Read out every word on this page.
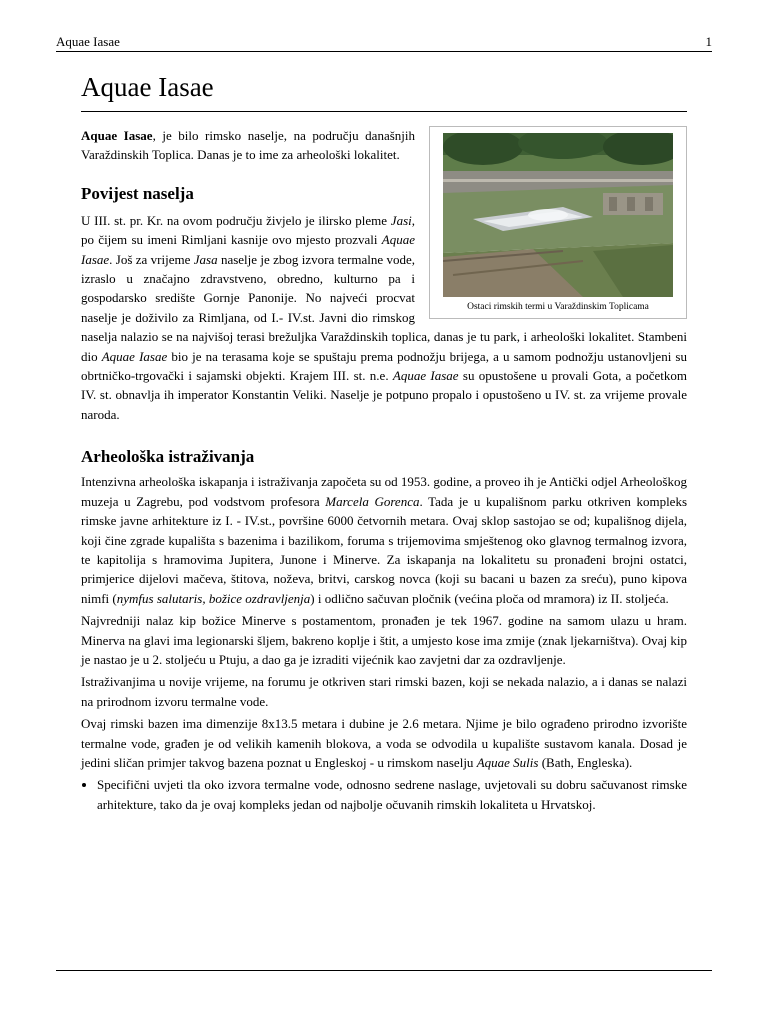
Aquae Iasae	1
Aquae Iasae
Ostaci rimskih termi u Varaždinskim Toplicama

Aquae Iasae, je bilo rimsko naselje, na području današnjih Varaždinskih Toplica. Danas je to ime za arheološki lokalitet.

Povijest naselja

U III. st. pr. Kr. na ovom području živjelo je ilirsko pleme Jasi, po čijem su imeni Rimljani kasnije ovo mjesto prozvali Aquae Iasae. Još za vrijeme Jasa naselje je zbog izvora termalne vode, izraslo u značajno zdravstveno, obredno, kulturno pa i gospodarsko središte Gornje Panonije. No najveći procvat naselje je doživilo za Rimljana, od I.- IV.st. Javni dio rimskog naselja nalazio se na najvišoj terasi brežuljka Varaždinskih toplica, danas je tu park, i arheološki lokalitet. Stambeni dio Aquae Iasae bio je na terasama koje se spuštaju prema podnožju brijega, a u samom podnožju ustanovljeni su obrtničko-trgovački i sajamski objekti. Krajem III. st. n.e. Aquae Iasae su opustošene u provali Gota, a početkom IV. st. obnavlja ih imperator Konstantin Veliki. Naselje je potpuno propalo i opustošeno u IV. st. za vrijeme provale naroda.

Arheološka istraživanja

Intenzivna arheološka iskapanja i istraživanja započeta su od 1953. godine, a proveo ih je Antički odjel Arheološkog muzeja u Zagrebu, pod vodstvom profesora Marcela Gorenca. Tada je u kupališnom parku otkriven kompleks rimske javne arhitekture iz I. - IV.st., površine 6000 četvornih metara. Ovaj sklop sastojao se od; kupališnog dijela, koji čine zgrade kupališta s bazenima i bazilikom, foruma s trijemovima smještenog oko glavnog termalnog izvora, te kapitolija s hramovima Jupitera, Junone i Minerve. Za iskapanja na lokalitetu su pronađeni brojni ostatci, primjerice dijelovi mačeva, štitova, noževa, britvi, carskog novca (koji su bacani u bazen za sreću), puno kipova nimfi (nymfus salutaris, božice ozdravljenja) i odlično sačuvan pločnik (većina ploča od mramora) iz II. stoljeća.

Najvredniji nalaz kip božice Minerve s postamentom, pronađen je tek 1967. godine na samom ulazu u hram. Minerva na glavi ima legionarski šljem, bakreno koplje i štit, a umjesto kose ima zmije (znak ljekarništva). Ovaj kip je nastao je u 2. stoljeću u Ptuju, a dao ga je izraditi vijećnik kao zavjetni dar za ozdravljenje.

Istraživanjima u novije vrijeme, na forumu je otkriven stari rimski bazen, koji se nekada nalazio, a i danas se nalazi na prirodnom izvoru termalne vode.

Ovaj rimski bazen ima dimenzije 8x13.5 metara i dubine je 2.6 metara. Njime je bilo ograđeno prirodno izvorište termalne vode, građen je od velikih kamenih blokova, a voda se odvodila u kupalište sustavom kanala. Dosad je jedini sličan primjer takvog bazena poznat u Engleskoj - u rimskom naselju Aquae Sulis (Bath, Engleska).

• Specifični uvjeti tla oko izvora termalne vode, odnosno sedrene naslage, uvjetovali su dobru sačuvanost rimske arhitekture, tako da je ovaj kompleks jedan od najbolje očuvanih rimskih lokaliteta u Hrvatskoj.
